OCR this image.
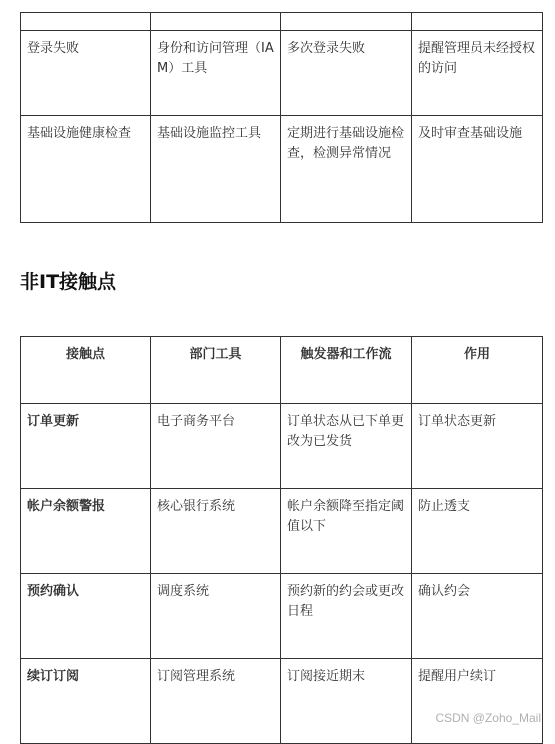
登录失败	身份和访问管理（IAM）工具	多次登录失败	提醒管理员未经授权的访问
基础设施健康检查	基础设施监控工具	定期进行基础设施检查，检测异常情况	及时审查基础设施
非IT接触点
接触点	部门工具	触发器和工作流	作用
订单更新	电子商务平台	订单状态从已下单更改为已发货	订单状态更新
帐户余额警报	核心银行系统	帐户余额降至指定阈值以下	防止透支
预约确认	调度系统	预约新的约会或更改日程	确认约会
续订订阅	订阅管理系统	订阅接近期末	提醒用户续订
CSDN @Zoho_Mail
